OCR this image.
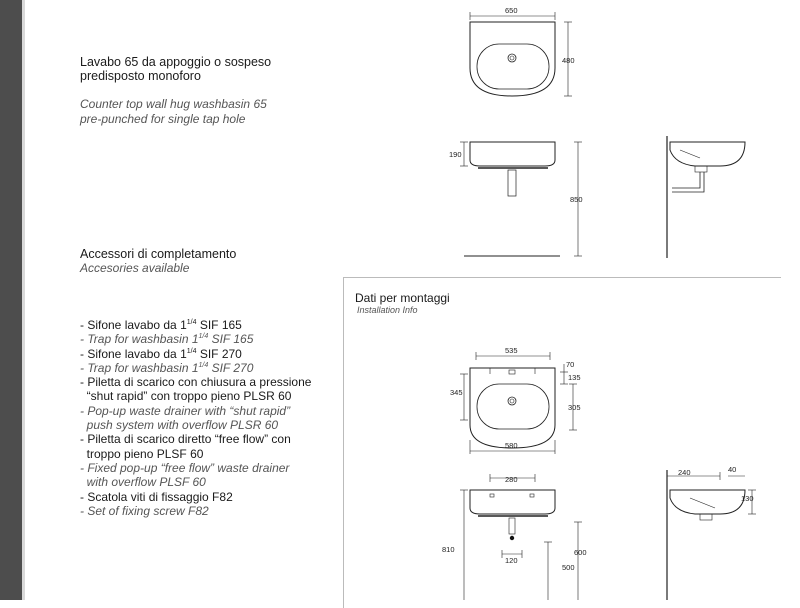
Lavabo 65 da appoggio o sospeso
predisposto monoforo
Counter top wall hug washbasin 65
pre-punched for single tap hole
Accessori di completamento
Accesories available
- Sifone lavabo da $1^{1/4}$ SIF 165
- Trap for washbasin $1^{1/4}$ SIF 165
- Sifone lavabo da $1^{1/4}$ SIF 270
- Trap for washbasin $1^{1/4}$ SIF 270
- Piletta di scarico con chiusura a pressione
“shut rapid” con troppo pieno PLSR 60
- Pop-up waste drainer with “shut rapid”
push system with overflow PLSR 60
- Piletta di scarico diretto “free flow” con
troppo pieno PLSF 60
- Fixed pop-up “free flow” waste drainer
with overflow PLSF 60
- Scatola viti di fissaggio F82
- Set of fixing screw F82
Dati per montaggi
Installation Info
650
480
190
850
535
70
135
345
305
580
280
810	600
500
120
240	40
130
